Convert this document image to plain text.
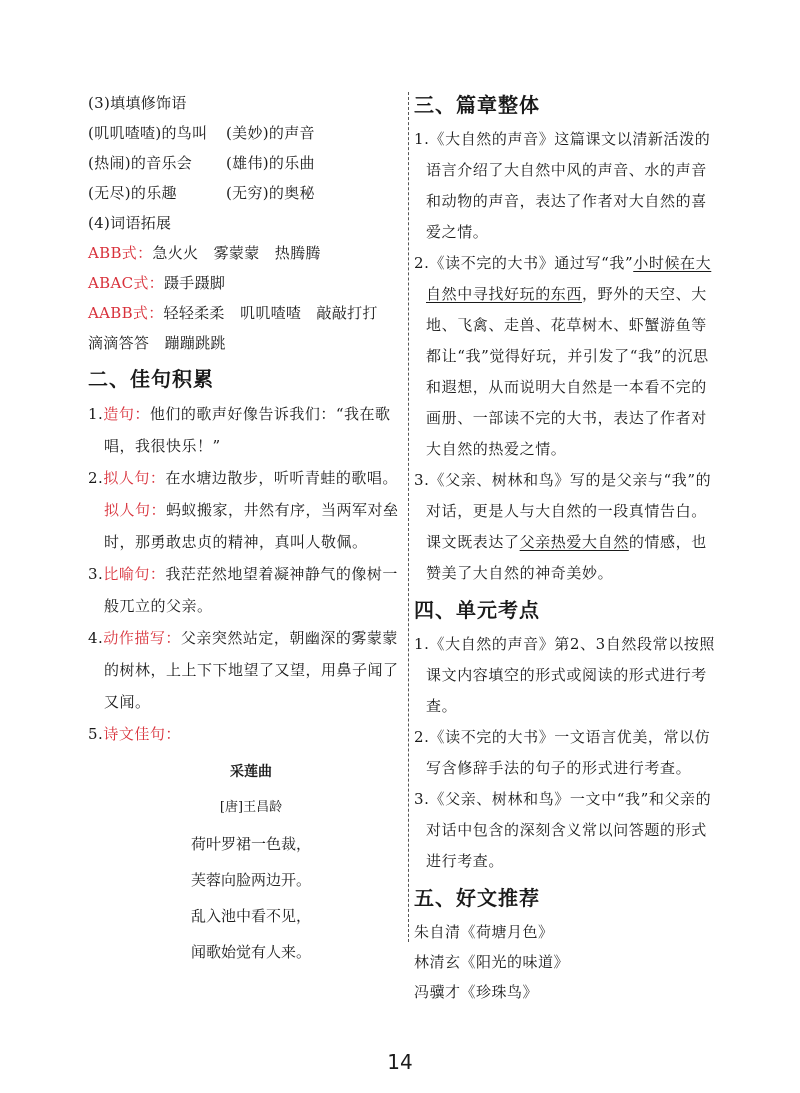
(3)填填修饰语
(叽叽喳喳)的鸟叫 (美妙)的声音
(热闹)的音乐会 (雄伟)的乐曲
(无尽)的乐趣	(无穷)的奥秘
(4)词语拓展
ABB式：急火火　雾蒙蒙　热腾腾
ABAC式：蹑手蹑脚
AABB式：轻轻柔柔　叽叽喳喳　敲敲打打
滴滴答答　蹦蹦跳跳
二、佳句积累
1.造句：他们的歌声好像告诉我们：“我在歌唱，我很快乐！”
2.拟人句：在水塘边散步，听听青蛙的歌唱。
拟人句：蚂蚁搬家，井然有序，当两军对垒时，那勇敢忠贞的精神，真叫人敬佩。
3.比喻句：我茫茫然地望着凝神静气的像树一般兀立的父亲。
4.动作描写：父亲突然站定，朝幽深的雾蒙蒙的树林，上上下下地望了又望，用鼻子闻了又闻。
5.诗文佳句：
采莲曲
[唐]王昌龄
荷叶罗裙一色裁，
芙蓉向脸两边开。
乱入池中看不见，
闻歌始觉有人来。
三、篇章整体
1.《大自然的声音》这篇课文以清新活泼的语言介绍了大自然中风的声音、水的声音和动物的声音，表达了作者对大自然的喜爱之情。
2.《读不完的大书》通过写“我”小时候在大自然中寻找好玩的东西，野外的天空、大地、飞禽、走兽、花草树木、虾蟹游鱼等都让“我”觉得好玩，并引发了“我”的沉思和遐想，从而说明大自然是一本看不完的画册、一部读不完的大书，表达了作者对大自然的热爱之情。
3.《父亲、树林和鸟》写的是父亲与“我”的对话，更是人与大自然的一段真情告白。课文既表达了父亲热爱大自然的情感，也赞美了大自然的神奇美妙。
四、单元考点
1.《大自然的声音》第2、3自然段常以按照课文内容填空的形式或阅读的形式进行考查。
2.《读不完的大书》一文语言优美，常以仿写含修辞手法的句子的形式进行考查。
3.《父亲、树林和鸟》一文中“我”和父亲的对话中包含的深刻含义常以问答题的形式进行考查。
五、好文推荐
朱自清《荷塘月色》
林清玄《阳光的味道》
冯骥才《珍珠鸟》
14
